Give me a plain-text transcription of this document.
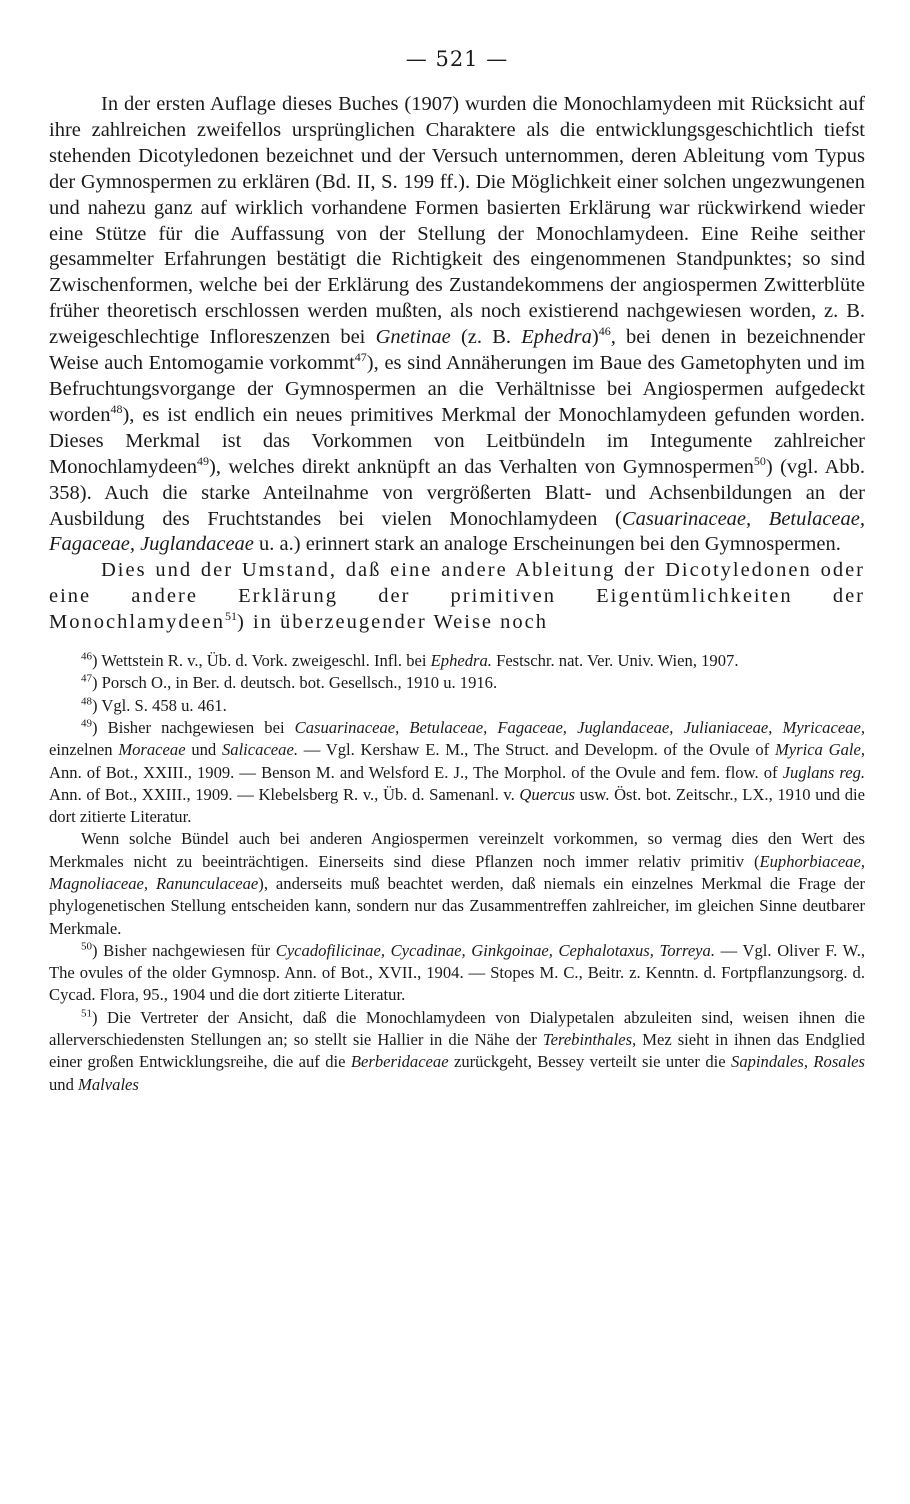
— 521 —

In der ersten Auflage dieses Buches (1907) wurden die Monochlamydeen mit Rücksicht auf ihre zahlreichen zweifellos ursprünglichen Charaktere als die entwicklungsgeschichtlich tiefst stehenden Dicotyledonen bezeichnet und der Versuch unternommen, deren Ableitung vom Typus der Gymnospermen zu erklären (Bd. II, S. 199 ff.). Die Möglichkeit einer solchen ungezwungenen und nahezu ganz auf wirklich vorhandene Formen basierten Erklärung war rückwirkend wieder eine Stütze für die Auffassung von der Stellung der Monochlamydeen. Eine Reihe seither gesammelter Erfahrungen bestätigt die Richtigkeit des eingenommenen Standpunktes; so sind Zwischenformen, welche bei der Erklärung des Zustandekommens der angiospermen Zwitterblüte früher theoretisch erschlossen werden mußten, als noch existierend nachgewiesen worden, z. B. zweigeschlechtige Infloreszenzen bei Gnetinae (z. B. Ephedra)$^{46}$, bei denen in bezeichnender Weise auch Entomogamie vorkommt$^{47}$), es sind Annäherungen im Baue des Gametophyten und im Befruchtungsvorgange der Gymnospermen an die Verhältnisse bei Angiospermen aufgedeckt worden$^{48}$), es ist endlich ein neues primitives Merkmal der Monochlamydeen gefunden worden. Dieses Merkmal ist das Vorkommen von Leitbündeln im Integumente zahlreicher Monochlamydeen$^{49}$), welches direkt anknüpft an das Verhalten von Gymnospermen$^{50}$) (vgl. Abb. 358). Auch die starke Anteilnahme von vergrößerten Blatt- und Achsenbildungen an der Ausbildung des Fruchtstandes bei vielen Monochlamydeen (Casuarinaceae, Betulaceae, Fagaceae, Juglandaceae u. a.) erinnert stark an analoge Erscheinungen bei den Gymnospermen.

Dies und der Umstand, daß eine andere Ableitung der Dicotyledonen oder eine andere Erklärung der primitiven Eigentümlichkeiten der Monochlamydeen$^{51}$) in überzeugender Weise noch

$^{46}$) Wettstein R. v., Üb. d. Vork. zweigeschl. Infl. bei Ephedra. Festschr. nat. Ver. Univ. Wien, 1907.

$^{47}$) Porsch O., in Ber. d. deutsch. bot. Gesellsch., 1910 u. 1916.

$^{48}$) Vgl. S. 458 u. 461.

$^{49}$) Bisher nachgewiesen bei Casuarinaceae, Betulaceae, Fagaceae, Juglandaceae, Julianiaceae, Myricaceae, einzelnen Moraceae und Salicaceae. — Vgl. Kershaw E. M., The Struct. and Developm. of the Ovule of Myrica Gale, Ann. of Bot., XXIII., 1909. — Benson M. and Welsford E. J., The Morphol. of the Ovule and fem. flow. of Juglans reg. Ann. of Bot., XXIII., 1909. — Klebelsberg R. v., Üb. d. Samenanl. v. Quercus usw. Öst. bot. Zeitschr., LX., 1910 und die dort zitierte Literatur.

Wenn solche Bündel auch bei anderen Angiospermen vereinzelt vorkommen, so vermag dies den Wert des Merkmales nicht zu beeinträchtigen. Einerseits sind diese Pflanzen noch immer relativ primitiv (Euphorbiaceae, Magnoliaceae, Ranunculaceae), anderseits muß beachtet werden, daß niemals ein einzelnes Merkmal die Frage der phylogenetischen Stellung entscheiden kann, sondern nur das Zusammentreffen zahlreicher, im gleichen Sinne deutbarer Merkmale.

$^{50}$) Bisher nachgewiesen für Cycadofilicinae, Cycadinae, Ginkgoinae, Cephalotaxus, Torreya. — Vgl. Oliver F. W., The ovules of the older Gymnosp. Ann. of Bot., XVII., 1904. — Stopes M. C., Beitr. z. Kenntn. d. Fortpflanzungsorg. d. Cycad. Flora, 95., 1904 und die dort zitierte Literatur.

$^{51}$) Die Vertreter der Ansicht, daß die Monochlamydeen von Dialypetalen abzuleiten sind, weisen ihnen die allerverschiedensten Stellungen an; so stellt sie Hallier in die Nähe der Terebinthales, Mez sieht in ihnen das Endglied einer großen Entwicklungsreihe, die auf die Berberidaceae zurückgeht, Bessey verteilt sie unter die Sapindales, Rosales und Malvales
